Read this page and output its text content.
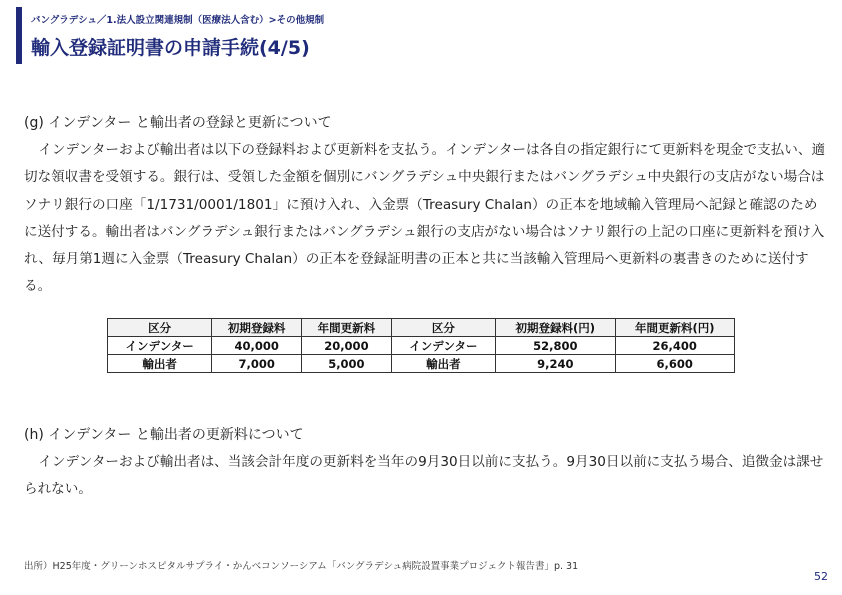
バングラデシュ／1.法人設立関連規制（医療法人含む）>その他規制
輸入登録証明書の申請手続(4/5)

(g) インデンター と輸出者の登録と更新について

インデンターおよび輸出者は以下の登録料および更新料を支払う。インデンターは各自の指定銀行にて更新料を現金で支払い、適切な領収書を受領する。銀行は、受領した金額を個別にバングラデシュ中央銀行またはバングラデシュ中央銀行の支店がない場合はソナリ銀行の口座「1/1731/0001/1801」に預け入れ、入金票（Treasury Chalan）の正本を地域輸入管理局へ記録と確認のために送付する。輸出者はバングラデシュ銀行またはバングラデシュ銀行の支店がない場合はソナリ銀行の上記の口座に更新料を預け入れ、毎月第1週に入金票（Treasury Chalan）の正本を登録証明書の正本と共に当該輸入管理局へ更新料の裏書きのために送付する。

区分	初期登録料	年間更新料	区分	初期登録料(円)	年間更新料(円)
インデンター	40,000	20,000	インデンター	52,800	26,400
輸出者	7,000	5,000	輸出者	9,240	6,600

(h) インデンター と輸出者の更新料について

インデンターおよび輸出者は、当該会計年度の更新料を当年の9月30日以前に支払う。9月30日以前に支払う場合、追徴金は課せられない。

出所）H25年度・グリーンホスピタルサプライ・かんべコンソーシアム「バングラデシュ病院設置事業プロジェクト報告書」p. 31
52
